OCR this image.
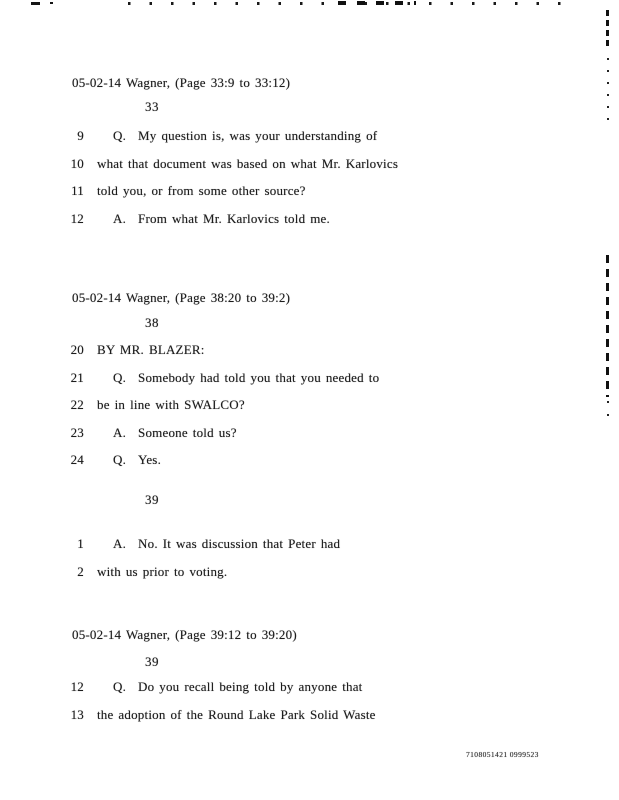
05-02-14 Wagner, (Page 33:9 to 33:12)
33
9 Q. My question is, was your understanding of
10 what that document was based on what Mr. Karlovics
11 told you, or from some other source?
12 A. From what Mr. Karlovics told me.
05-02-14 Wagner, (Page 38:20 to 39:2)
38
20 BY MR. BLAZER:
21 Q. Somebody had told you that you needed to
22 be in line with SWALCO?
23 A. Someone told us?
24 Q. Yes.
39
1 A. No. It was discussion that Peter had
2 with us prior to voting.
05-02-14 Wagner, (Page 39:12 to 39:20)
39
12 Q. Do you recall being told by anyone that
13 the adoption of the Round Lake Park Solid Waste
7108051421 0999523
